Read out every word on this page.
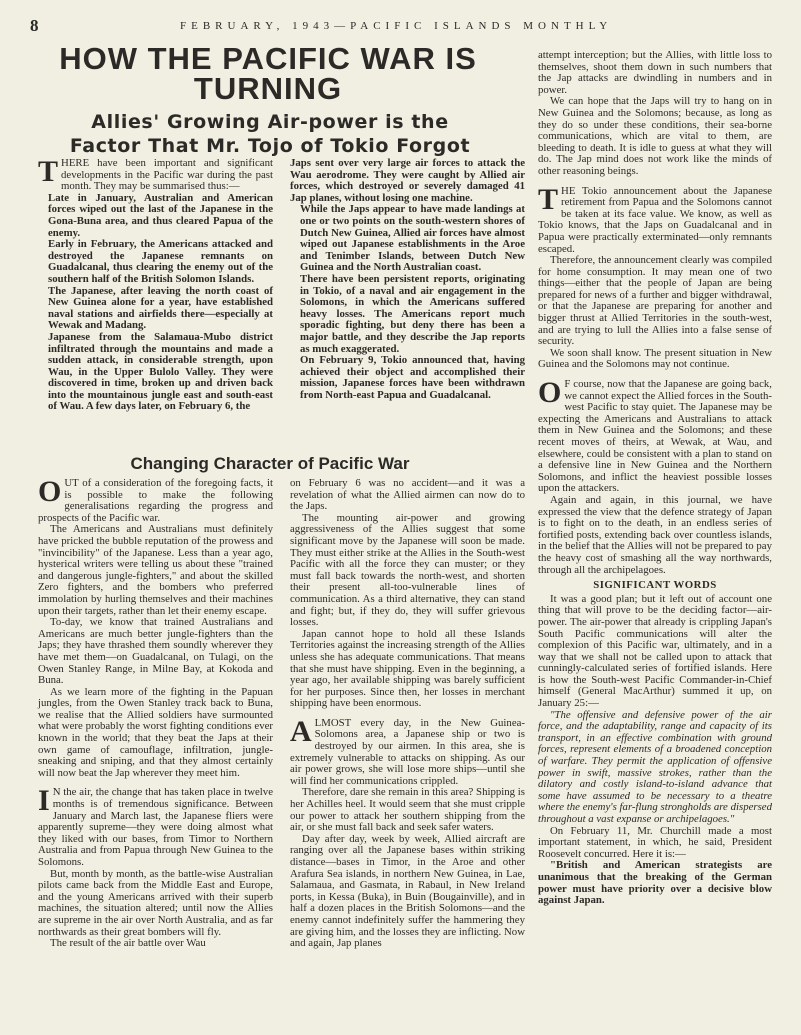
8	FEBRUARY, 1943—PACIFIC ISLANDS MONTHLY
HOW THE PACIFIC WAR IS TURNING
Allies' Growing Air-power is the Factor That Mr. Tojo of Tokio Forgot

THERE have been important and significant developments in the Pacific war during the past month. They may be summarised thus:—

Late in January, Australian and American forces wiped out the last of the Japanese in the Gona-Buna area, and thus cleared Papua of the enemy.

Early in February, the Americans attacked and destroyed the Japanese remnants on Guadalcanal, thus clearing the enemy out of the southern half of the British Solomon Islands.

The Japanese, after leaving the north coast of New Guinea alone for a year, have established naval stations and airfields there—especially at Wewak and Madang.

Japanese from the Salamaua-Mubo district infiltrated through the mountains and made a sudden attack, in considerable strength, upon Wau, in the Upper Bulolo Valley. They were discovered in time, broken up and driven back into the mountainous jungle east and south-east of Wau. A few days later, on February 6, the

Japs sent over very large air forces to attack the Wau aerodrome. They were caught by Allied air forces, which destroyed or severely damaged 41 Jap planes, without losing one machine.

While the Japs appear to have made landings at one or two points on the south-western shores of Dutch New Guinea, Allied air forces have almost wiped out Japanese establishments in the Aroe and Tenimber Islands, between Dutch New Guinea and the North Australian coast.

There have been persistent reports, originating in Tokio, of a naval and air engagement in the Solomons, in which the Americans suffered heavy losses. The Americans report much sporadic fighting, but deny there has been a major battle, and they describe the Jap reports as much exaggerated.

On February 9, Tokio announced that, having achieved their object and accomplished their mission, Japanese forces have been withdrawn from North-east Papua and Guadalcanal.

Changing Character of Pacific War

OUT of a consideration of the foregoing facts, it is possible to make the following generalisations regarding the progress and prospects of the Pacific war.

The Americans and Australians must definitely have pricked the bubble reputation of the prowess and "invincibility" of the Japanese. Less than a year ago, hysterical writers were telling us about these "trained and dangerous jungle-fighters," and about the skilled Zero fighters, and the bombers who preferred immolation by hurling themselves and their machines upon their targets, rather than let their enemy escape.

To-day, we know that trained Australians and Americans are much better jungle-fighters than the Japs; they have thrashed them soundly wherever they have met them—on Guadalcanal, on Tulagi, on the Owen Stanley Range, in Milne Bay, at Kokoda and Buna.

As we learn more of the fighting in the Papuan jungles, from the Owen Stanley track back to Buna, we realise that the Allied soldiers have surmounted what were probably the worst fighting conditions ever known in the world; that they beat the Japs at their own game of camouflage, infiltration, jungle-sneaking and sniping, and that they almost certainly will now beat the Jap wherever they meet him.

I N the air, the change that has taken place in twelve months is of tremendous significance. Between January and March last, the Japanese fliers were apparently supreme—they were doing almost what they liked with our bases, from Timor to Northern Australia and from Papua through New Guinea to the Solomons.

But, month by month, as the battle-wise Australian pilots came back from the Middle East and Europe, and the young Americans arrived with their superb machines, the situation altered; until now the Allies are supreme in the air over North Australia, and as far northwards as their great bombers will fly.

The result of the air battle over Wau

on February 6 was no accident—and it was a revelation of what the Allied airmen can now do to the Japs.

The mounting air-power and growing aggressiveness of the Allies suggest that some significant move by the Japanese will soon be made. They must either strike at the Allies in the South-west Pacific with all the force they can muster; or they must fall back towards the north-west, and shorten their present all-too-vulnerable lines of communication. As a third alternative, they can stand and fight; but, if they do, they will suffer grievous losses.

Japan cannot hope to hold all these Islands Territories against the increasing strength of the Allies unless she has adequate communications. That means that she must have shipping. Even in the beginning, a year ago, her available shipping was barely sufficient for her purposes. Since then, her losses in merchant shipping have been enormous.

ALMOST every day, in the New Guinea-Solomons area, a Japanese ship or two is destroyed by our airmen. In this area, she is extremely vulnerable to attacks on shipping. As our air power grows, she will lose more ships—until she will find her communications crippled.

Therefore, dare she remain in this area? Shipping is her Achilles heel. It would seem that she must cripple our power to attack her southern shipping from the air, or she must fall back and seek safer waters.

Day after day, week by week, Allied aircraft are ranging over all the Japanese bases within striking distance—bases in Timor, in the Aroe and other Arafura Sea islands, in northern New Guinea, in Lae, Salamaua, and Gasmata, in Rabaul, in New Ireland ports, in Kessa (Buka), in Buin (Bougainville), and in half a dozen places in the British Solomons—and the enemy cannot indefinitely suffer the hammering they are giving him, and the losses they are inflicting. Now and again, Jap planes

attempt interception; but the Allies, with little loss to themselves, shoot them down in such numbers that the Jap attacks are dwindling in numbers and in power.

We can hope that the Japs will try to hang on in New Guinea and the Solomons; because, as long as they do so under these conditions, their sea-borne communications, which are vital to them, are bleeding to death. It is idle to guess at what they will do. The Jap mind does not work like the minds of other reasoning beings.

THE Tokio announcement about the Japanese retirement from Papua and the Solomons cannot be taken at its face value. We know, as well as Tokio knows, that the Japs on Guadalcanal and in Papua were practically exterminated—only remnants escaped.

Therefore, the announcement clearly was compiled for home consumption. It may mean one of two things—either that the people of Japan are being prepared for news of a further and bigger withdrawal, or that the Japanese are preparing for another and bigger thrust at Allied Territories in the south-west, and are trying to lull the Allies into a false sense of security.

We soon shall know. The present situation in New Guinea and the Solomons may not continue.

O F course, now that the Japanese are going back, we cannot expect the Allied forces in the South-west Pacific to stay quiet. The Japanese may be expecting the Americans and Australians to attack them in New Guinea and the Solomons; and these recent moves of theirs, at Wewak, at Wau, and elsewhere, could be consistent with a plan to stand on a defensive line in New Guinea and the Northern Solomons, and inflict the heaviest possible losses upon the attackers.

Again and again, in this journal, we have expressed the view that the defence strategy of Japan is to fight on to the death, in an endless series of fortified posts, extending back over countless islands, in the belief that the Allies will not be prepared to pay the heavy cost of smashing all the way northwards, through all the archipelagoes.

SIGNIFICANT WORDS

It was a good plan; but it left out of account one thing that will prove to be the deciding factor—air-power. The air-power that already is crippling Japan's South Pacific communications will alter the complexion of this Pacific war, ultimately, and in a way that we shall not be called upon to attack that cunningly-calculated series of fortified islands. Here is how the South-west Pacific Commander-in-Chief himself (General MacArthur) summed it up, on January 25:—

"The offensive and defensive power of the air force, and the adaptability, range and capacity of its transport, in an effective combination with ground forces, represent elements of a broadened conception of warfare. They permit the application of offensive power in swift, massive strokes, rather than the dilatory and costly island-to-island advance that some have assumed to be necessary to a theatre where the enemy's far-flung strongholds are dispersed throughout a vast expanse or archipelagoes."

On February 11, Mr. Churchill made a most important statement, in which, he said, President Roosevelt concurred. Here it is:—

"British and American strategists are unanimous that the breaking of the German power must have priority over a decisive blow against Japan.
